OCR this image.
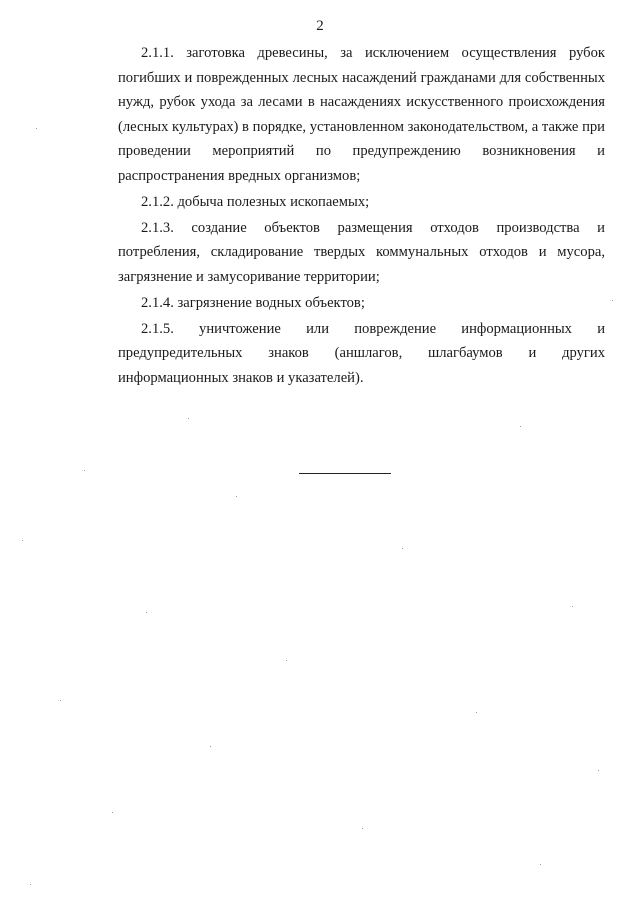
2

2.1.1. заготовка древесины, за исключением осуществления рубок погибших и поврежденных лесных насаждений гражданами для собственных нужд, рубок ухода за лесами в насаждениях искусственного происхождения (лесных культурах) в порядке, установленном законодательством, а также при проведении мероприятий по предупреждению возникновения и распространения вредных организмов;

2.1.2. добыча полезных ископаемых;

2.1.3. создание объектов размещения отходов производства и потребления, складирование твердых коммунальных отходов и мусора, загрязнение и замусоривание территории;

2.1.4. загрязнение водных объектов;

2.1.5. уничтожение или повреждение информационных и предупредительных знаков (аншлагов, шлагбаумов и других информационных знаков и указателей).
